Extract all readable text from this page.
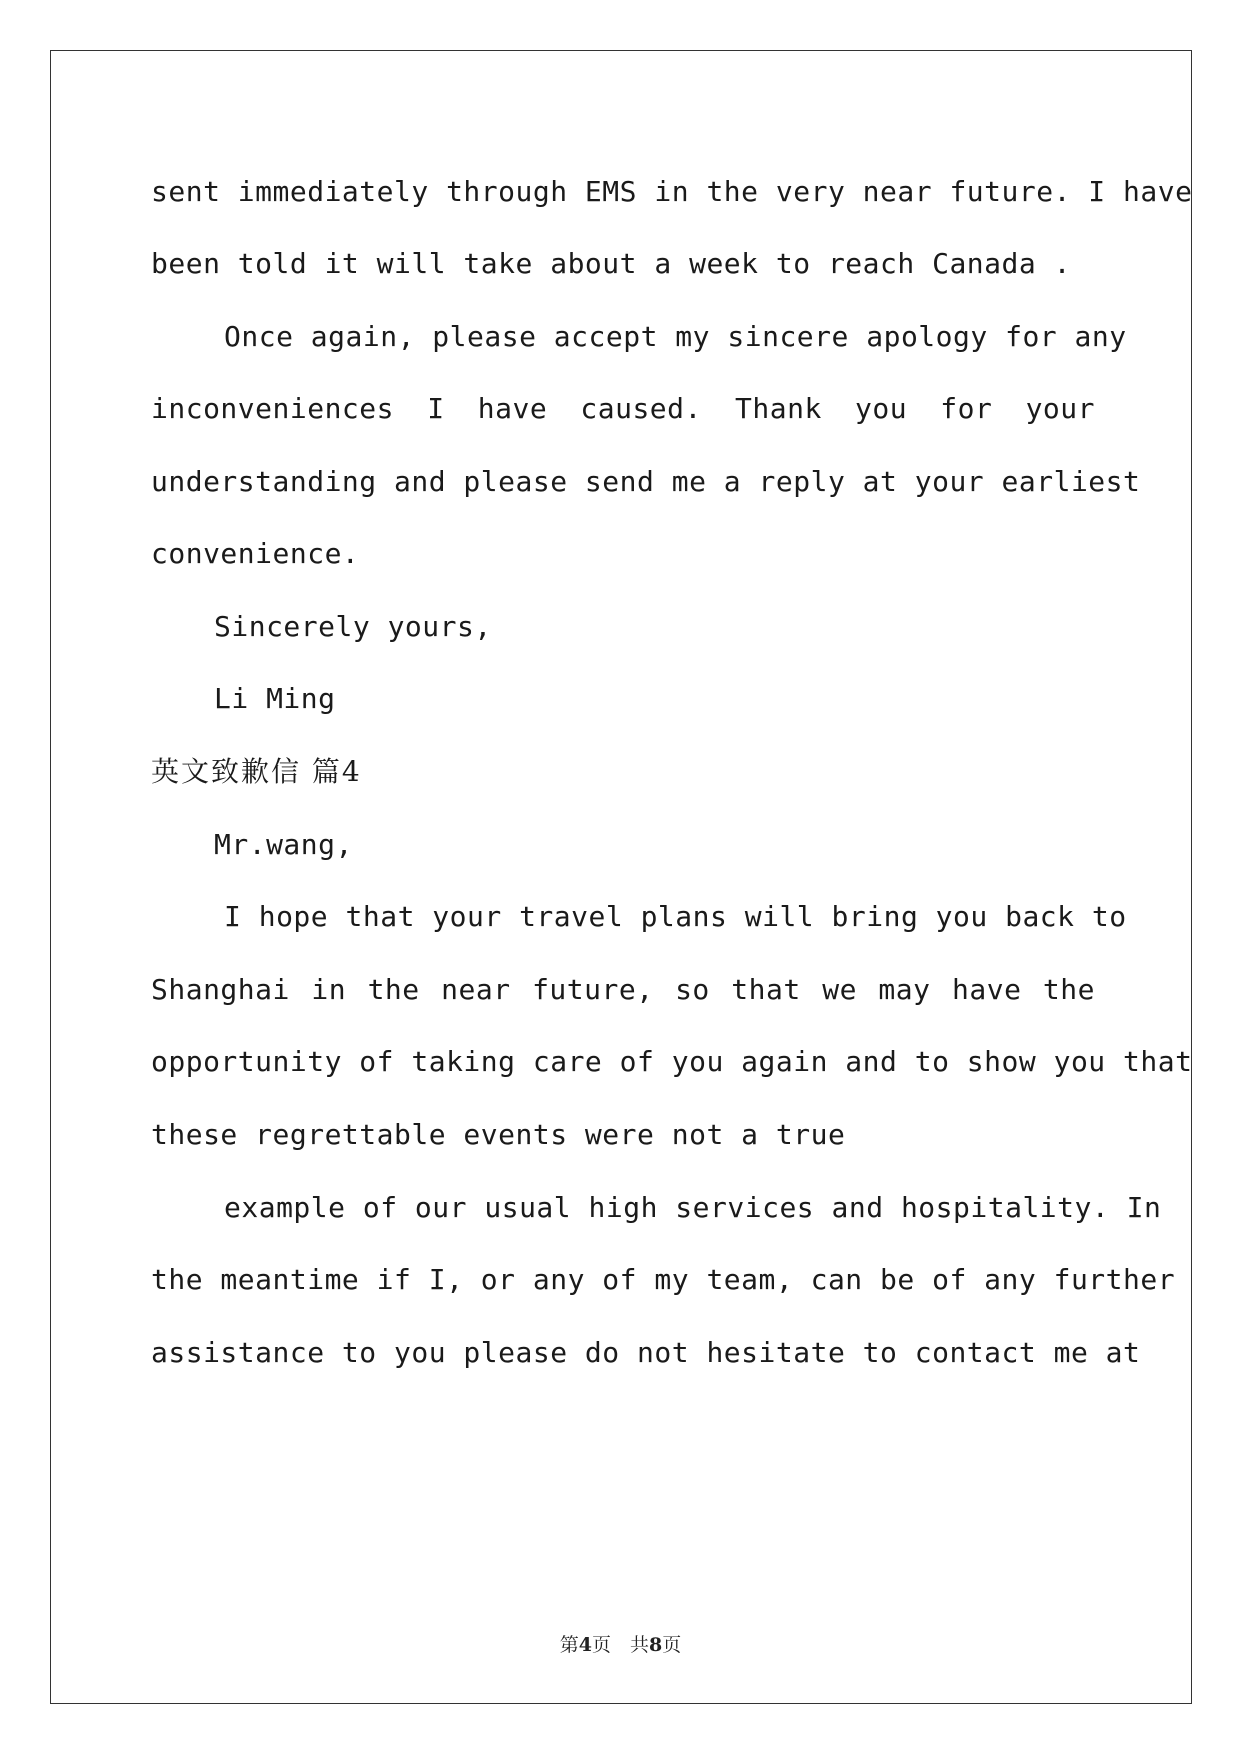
sent immediately through EMS in the very near future. I have
been told it will take about a week to reach Canada .
Once again, please accept my sincere apology for any
inconveniences I have caused. Thank you for your
understanding and please send me a reply at your earliest
convenience.
Sincerely yours,
Li Ming
英文致歉信 篇4
Mr.wang,
I hope that your travel plans will bring you back to
Shanghai in the near future, so that we may have the
opportunity of taking care of you again and to show you that
these regrettable events were not a true
example of our usual high services and hospitality. In
the meantime if I, or any of my team, can be of any further
assistance to you please do not hesitate to contact me at
第4页　共8页
